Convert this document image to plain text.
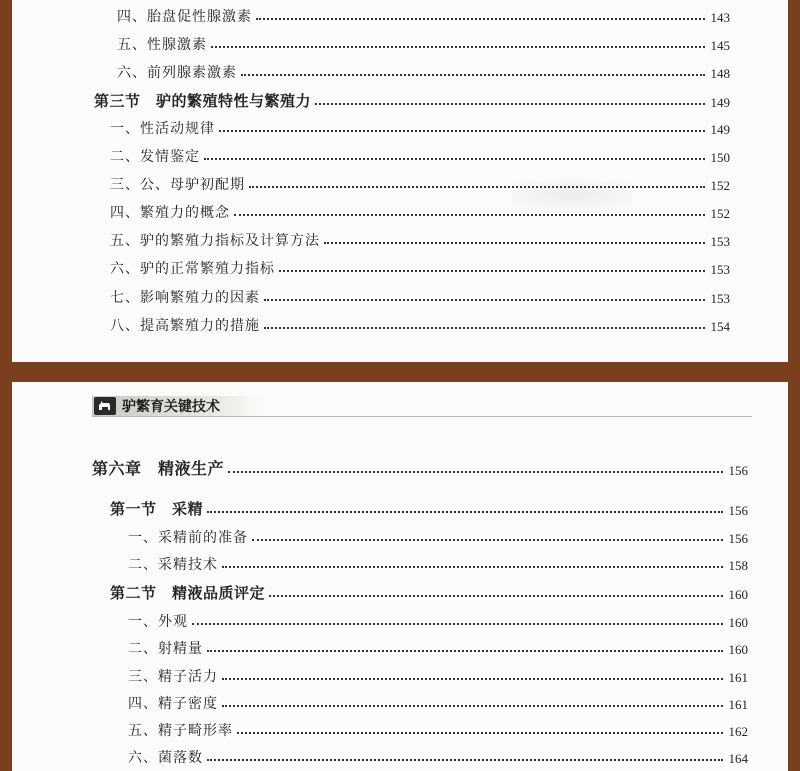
四、胎盘促性腺激素	143
五、性腺激素	145
六、前列腺素激素	148
第三节　驴的繁殖特性与繁殖力	149
一、性活动规律	149
二、发情鉴定	150
三、公、母驴初配期	152
四、繁殖力的概念	152
五、驴的繁殖力指标及计算方法	153
六、驴的正常繁殖力指标	153
七、影响繁殖力的因素	153
八、提高繁殖力的措施	154
驴繁育关键技术
第六章　精液生产	156
第一节　采精	156
一、采精前的准备	156
二、采精技术	158
第二节　精液品质评定	160
一、外观	160
二、射精量	160
三、精子活力	161
四、精子密度	161
五、精子畸形率	162
六、菌落数	164
